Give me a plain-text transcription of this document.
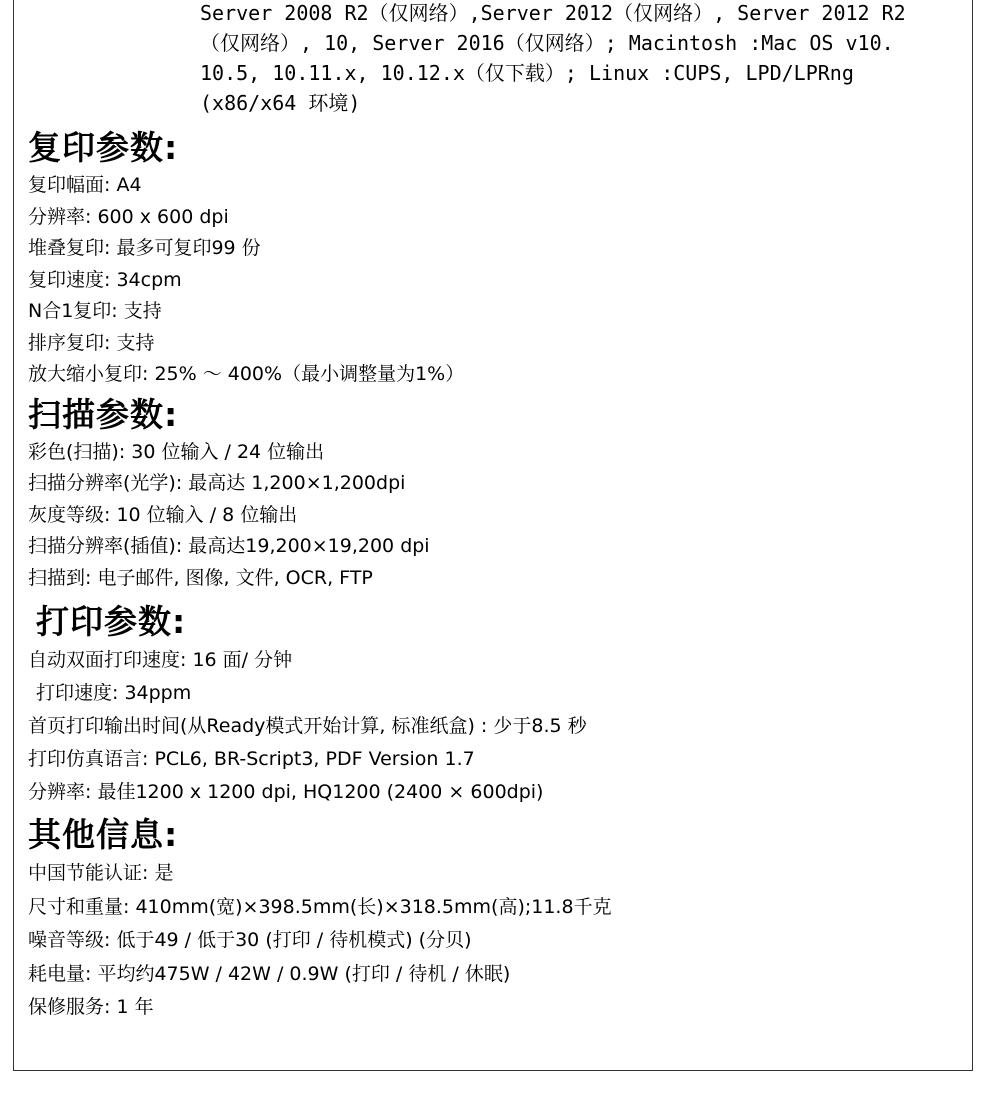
Server 2008 R2（仅网络）,Server 2012（仅网络）, Server 2012 R2
（仅网络）, 10, Server 2016（仅网络）; Macintosh :Mac OS v10.
10.5, 10.11.x, 10.12.x（仅下载）; Linux :CUPS, LPD/LPRng
(x86/x64 环境)
复印参数:
复印幅面: A4
分辨率: 600 x 600 dpi
堆叠复印: 最多可复印99 份
复印速度: 34cpm
N合1复印: 支持
排序复印: 支持
放大缩小复印: 25% ～ 400%（最小调整量为1%）
扫描参数:
彩色(扫描): 30 位输入 / 24 位输出
扫描分辨率(光学): 最高达 1,200×1,200dpi
灰度等级: 10 位输入 / 8 位输出
扫描分辨率(插值): 最高达19,200×19,200 dpi
扫描到: 电子邮件, 图像, 文件, OCR, FTP
打印参数:
自动双面打印速度: 16 面/ 分钟
打印速度: 34ppm
首页打印输出时间(从Ready模式开始计算, 标准纸盒) : 少于8.5 秒
打印仿真语言: PCL6, BR-Script3, PDF Version 1.7
分辨率: 最佳1200 x 1200 dpi, HQ1200 (2400 × 600dpi)
其他信息:
中国节能认证: 是
尺寸和重量: 410mm(宽)×398.5mm(长)×318.5mm(高);11.8千克
噪音等级: 低于49 / 低于30 (打印 / 待机模式) (分贝)
耗电量: 平均约475W / 42W / 0.9W (打印 / 待机 / 休眠)
保修服务: 1 年
